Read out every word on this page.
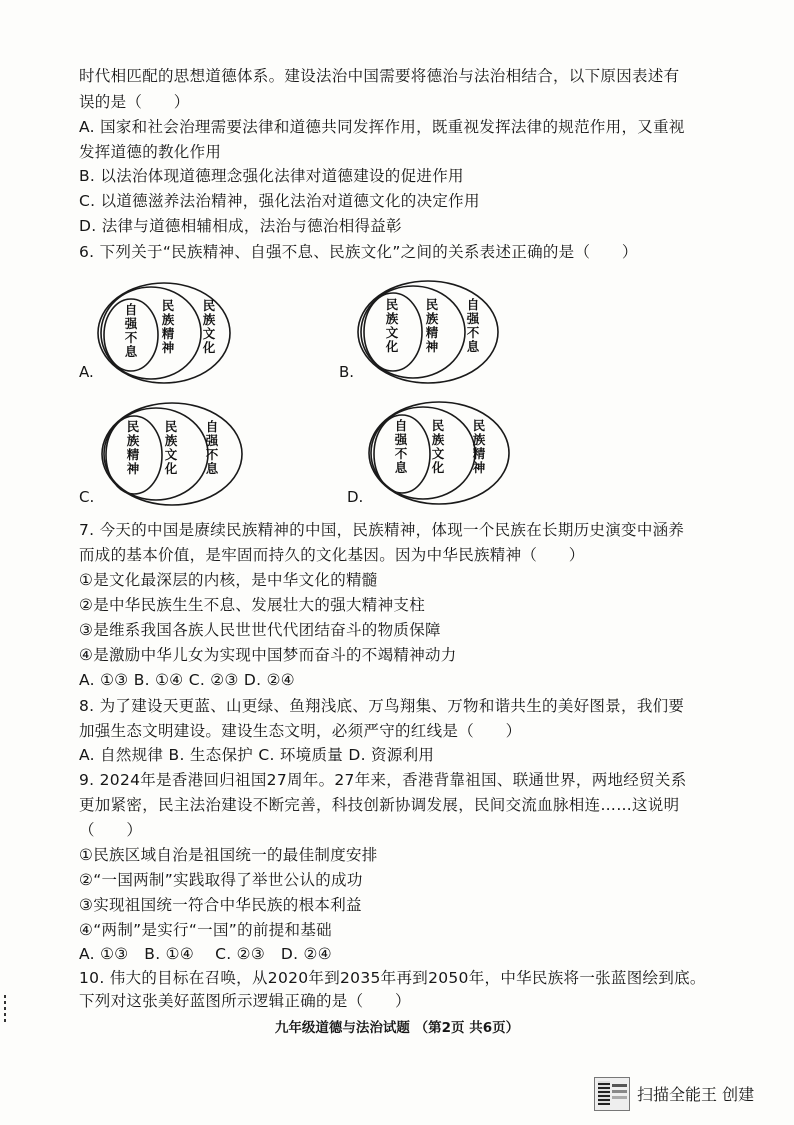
时代相匹配的思想道德体系。建设法治中国需要将德治与法治相结合，以下原因表述有
误的是（　　）
A. 国家和社会治理需要法律和道德共同发挥作用，既重视发挥法律的规范作用，又重视
发挥道德的教化作用
B. 以法治体现道德理念强化法律对道德建设的促进作用
C. 以道德滋养法治精神，强化法治对道德文化的决定作用
D. 法律与道德相辅相成，法治与德治相得益彰
6. 下列关于“民族精神、自强不息、民族文化”之间的关系表述正确的是（　　）
A.
自强不息
民族精神
民族文化
B.
民族文化
民族精神
自强不息
C.
民族精神
民族文化
自强不息
D.
自强不息
民族文化
民族精神
7. 今天的中国是赓续民族精神的中国，民族精神，体现一个民族在长期历史演变中涵养
而成的基本价值，是牢固而持久的文化基因。因为中华民族精神（　　）
①是文化最深层的内核，是中华文化的精髓
②是中华民族生生不息、发展壮大的强大精神支柱
③是维系我国各族人民世世代代团结奋斗的物质保障
④是激励中华儿女为实现中国梦而奋斗的不竭精神动力
A. ①③ B. ①④ C. ②③ D. ②④
8. 为了建设天更蓝、山更绿、鱼翔浅底、万鸟翔集、万物和谐共生的美好图景，我们要
加强生态文明建设。建设生态文明，必须严守的红线是（　　）
A. 自然规律 B. 生态保护 C. 环境质量 D. 资源利用
9. 2024年是香港回归祖国27周年。27年来，香港背靠祖国、联通世界，两地经贸关系
更加紧密，民主法治建设不断完善，科技创新协调发展，民间交流血脉相连……这说明
（　　）
①民族区域自治是祖国统一的最佳制度安排
②“一国两制”实践取得了举世公认的成功
③实现祖国统一符合中华民族的根本利益
④“两制”是实行“一国”的前提和基础
A. ①③　B. ①④　 C. ②③　D. ②④
10. 伟大的目标在召唤，从2020年到2035年再到2050年，中华民族将一张蓝图绘到底。
下列对这张美好蓝图所示逻辑正确的是（　　）
九年级道德与法治试题 （第2页 共6页）
扫描全能王 创建
